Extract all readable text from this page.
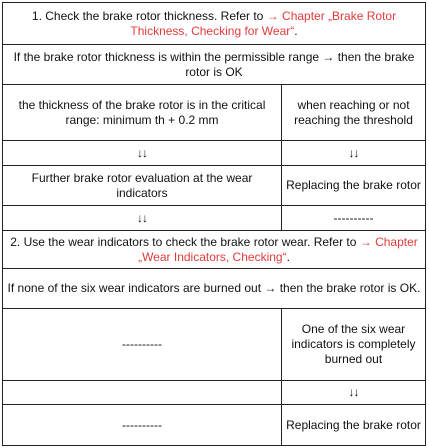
1. Check the brake rotor thickness. Refer to → Chapter „Brake Rotor Thickness, Checking for Wear“.	
If the brake rotor thickness is within the permissible range → then the brake rotor is OK	
the thickness of the brake rotor is in the critical range: minimum th + 0.2 mm	when reaching or not reaching the threshold
↓↓	↓↓
Further brake rotor evaluation at the wear indicators	Replacing the brake rotor
↓↓	----------
2. Use the wear indicators to check the brake rotor wear. Refer to → Chapter „Wear Indicators, Checking“.	
If none of the six wear indicators are burned out → then the brake rotor is OK.	
----------	One of the six wear indicators is completely burned out
	↓↓
----------	Replacing the brake rotor
